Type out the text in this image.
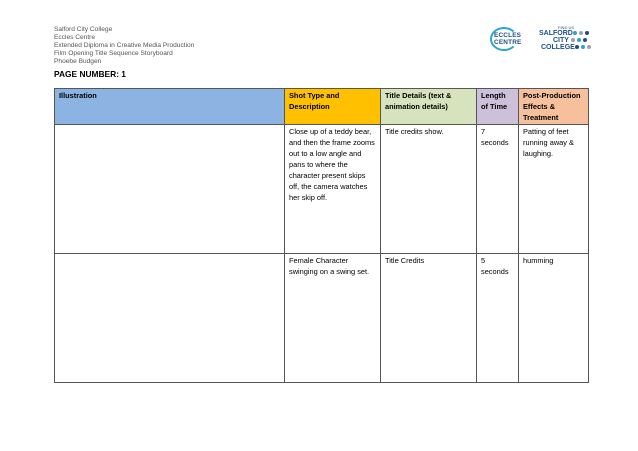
Salford City College
Eccles Centre
Extended Diploma in Creative Media Production
Film Opening Title Sequence Storyboard
Phoebe Budgen
ECCLES
CENTRE
FIND US
SALFORD
CITY
COLLEGE
PAGE NUMBER: 1
Illustration	Shot Type and Description	Title Details (text & animation details)	Length of Time	Post-Production Effects & Treatment
	Close up of a teddy bear, and then the frame zooms out to a low angle and pans to where the character present skips off, the camera watches her skip off.	Title credits show.	7 seconds	Patting of feet running away & laughing.
	Female Character swinging on a swing set.	Title Credits	5 seconds	humming
